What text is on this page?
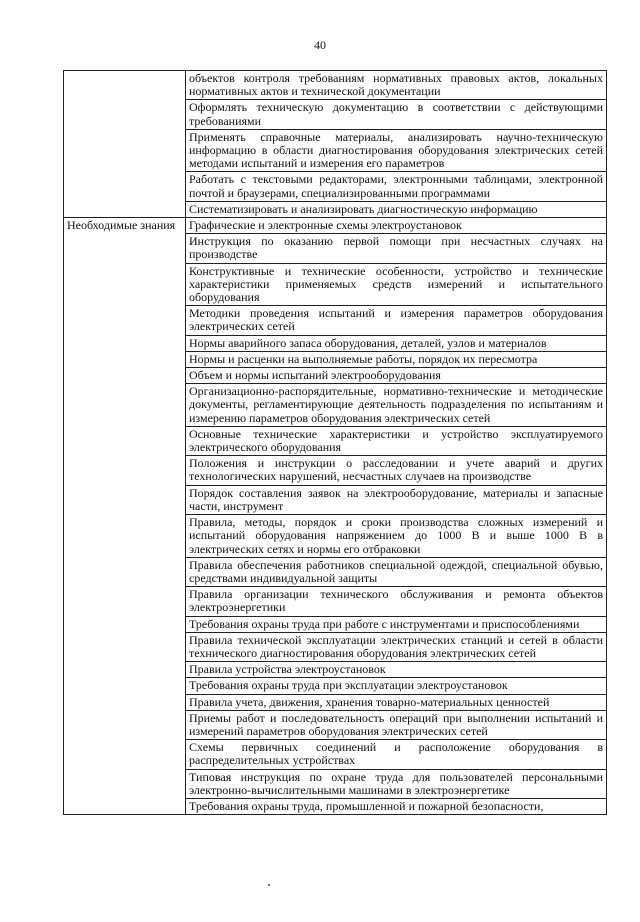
40
	объектов контроля требованиям нормативных правовых актов, локальных нормативных актов и технической документации
	Оформлять техническую документацию в соответствии с действующими требованиями
	Применять справочные материалы, анализировать научно-техническую информацию в области диагностирования оборудования электрических сетей методами испытаний и измерения его параметров
	Работать с текстовыми редакторами, электронными таблицами, электронной почтой и браузерами, специализированными программами
	Систематизировать и анализировать диагностическую информацию
Необходимые знания	Графические и электронные схемы электроустановок
	Инструкция по оказанию первой помощи при несчастных случаях на производстве
	Конструктивные и технические особенности, устройство и технические характеристики применяемых средств измерений и испытательного оборудования
	Методики проведения испытаний и измерения параметров оборудования электрических сетей
	Нормы аварийного запаса оборудования, деталей, узлов и материалов
	Нормы и расценки на выполняемые работы, порядок их пересмотра
	Объем и нормы испытаний электрооборудования
	Организационно-распорядительные, нормативно-технические и методические документы, регламентирующие деятельность подразделения по испытаниям и измерению параметров оборудования электрических сетей
	Основные технические характеристики и устройство эксплуатируемого электрического оборудования
	Положения и инструкции о расследовании и учете аварий и других технологических нарушений, несчастных случаев на производстве
	Порядок составления заявок на электрооборудование, материалы и запасные части, инструмент
	Правила, методы, порядок и сроки производства сложных измерений и испытаний оборудования напряжением до 1000 В и выше 1000 В в электрических сетях и нормы его отбраковки
	Правила обеспечения работников специальной одеждой, специальной обувью, средствами индивидуальной защиты
	Правила организации технического обслуживания и ремонта объектов электроэнергетики
	Требования охраны труда при работе с инструментами и приспособлениями
	Правила технической эксплуатации электрических станций и сетей в области технического диагностирования оборудования электрических сетей
	Правила устройства электроустановок
	Требования охраны труда при эксплуатации электроустановок
	Правила учета, движения, хранения товарно-материальных ценностей
	Приемы работ и последовательность операций при выполнении испытаний и измерений параметров оборудования электрических сетей
	Схемы первичных соединений и расположение оборудования в распределительных устройствах
	Типовая инструкция по охране труда для пользователей персональными электронно-вычислительными машинами в электроэнергетике
	Требования охраны труда, промышленной и пожарной безопасности,
